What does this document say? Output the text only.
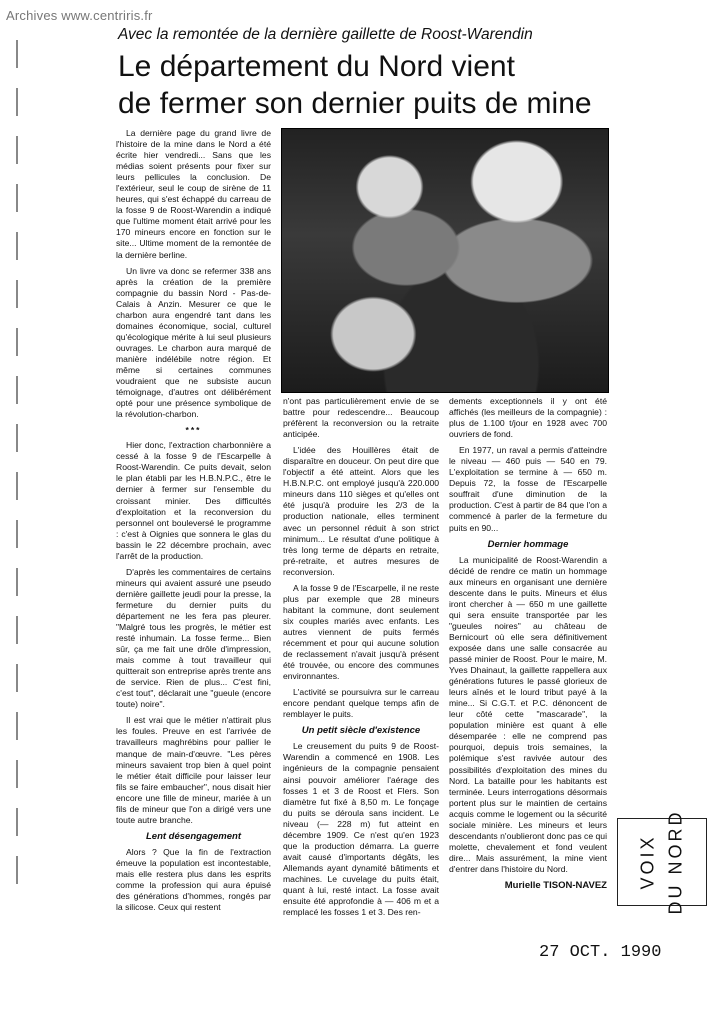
Archives www.centriris.fr
Avec la remontée de la dernière gaillette de Roost-Warendin
Le département du Nord vient
de fermer son dernier puits de mine

La dernière page du grand livre de l'histoire de la mine dans le Nord a été écrite hier vendredi... Sans que les médias soient présents pour fixer sur leurs pellicules la conclusion. De l'extérieur, seul le coup de sirène de 11 heures, qui s'est échappé du carreau de la fosse 9 de Roost-Warendin a indiqué que l'ultime moment était arrivé pour les 170 mineurs encore en fonction sur le site... Ultime moment de la remontée de la dernière berline.

Un livre va donc se refermer 338 ans après la création de la première compagnie du bassin Nord - Pas-de-Calais à Anzin. Mesurer ce que le charbon aura engendré tant dans les domaines économique, social, culturel qu'écologique mérite à lui seul plusieurs ouvrages. Le charbon aura marqué de manière indélébile notre région. Et même si certaines communes voudraient que ne subsiste aucun témoignage, d'autres ont délibérément opté pour une présence symbolique de la révolution-charbon.

***

Hier donc, l'extraction charbonnière a cessé à la fosse 9 de l'Escarpelle à Roost-Warendin. Ce puits devait, selon le plan établi par les H.B.N.P.C., être le dernier à fermer sur l'ensemble du croissant minier. Des difficultés d'exploitation et la reconversion du personnel ont bouleversé le programme : c'est à Oignies que sonnera le glas du bassin le 22 décembre prochain, avec l'arrêt de la production.

D'après les commentaires de certains mineurs qui avaient assuré une pseudo dernière gaillette jeudi pour la presse, la fermeture du dernier puits du département ne les fera pas pleurer. "Malgré tous les progrès, le métier est resté inhumain. La fosse ferme... Bien sûr, ça me fait une drôle d'impression, mais comme à tout travailleur qui quitterait son entreprise après trente ans de service. Rien de plus... C'est fini, c'est tout", déclarait une "gueule (encore toute) noire".

Il est vrai que le métier n'attirait plus les foules. Preuve en est l'arrivée de travailleurs maghrébins pour pallier le manque de main-d'œuvre. "Les pères mineurs savaient trop bien à quel point le métier était difficile pour laisser leur fils se faire embaucher", nous disait hier encore une fille de mineur, mariée à un fils de mineur que l'on a dirigé vers une toute autre branche.

Lent désengagement

Alors ? Que la fin de l'extraction émeuve la population est incontestable, mais elle restera plus dans les esprits comme la profession qui aura épuisé des générations d'hommes, rongés par la silicose. Ceux qui restent

n'ont pas particulièrement envie de se battre pour redescendre... Beaucoup préfèrent la reconversion ou la retraite anticipée.

L'idée des Houillères était de disparaître en douceur. On peut dire que l'objectif a été atteint. Alors que les H.B.N.P.C. ont employé jusqu'à 220.000 mineurs dans 110 sièges et qu'elles ont été jusqu'à produire les 2/3 de la production nationale, elles terminent avec un personnel réduit à son strict minimum... Le résultat d'une politique à très long terme de départs en retraite, pré-retraite, et autres mesures de reconversion.

A la fosse 9 de l'Escarpelle, il ne reste plus par exemple que 28 mineurs habitant la commune, dont seulement six couples mariés avec enfants. Les autres viennent de puits fermés récemment et pour qui aucune solution de reclassement n'avait jusqu'à présent été trouvée, ou encore des communes environnantes.

L'activité se poursuivra sur le carreau encore pendant quelque temps afin de remblayer le puits.

Un petit siècle d'existence

Le creusement du puits 9 de Roost-Warendin a commencé en 1908. Les ingénieurs de la compagnie pensaient ainsi pouvoir améliorer l'aérage des fosses 1 et 3 de Roost et Flers. Son diamètre fut fixé à 8,50 m. Le fonçage du puits se déroula sans incident. Le niveau (— 228 m) fut atteint en décembre 1909. Ce n'est qu'en 1923 que la production démarra. La guerre avait causé d'importants dégâts, les Allemands ayant dynamité bâtiments et machines. Le cuvelage du puits était, quant à lui, resté intact. La fosse avait ensuite été approfondie à — 406 m et a remplacé les fosses 1 et 3. Des ren-

dements exceptionnels il y ont été affichés (les meilleurs de la compagnie) : plus de 1.100 t/jour en 1928 avec 700 ouvriers de fond.

En 1977, un raval a permis d'atteindre le niveau — 460 puis — 540 en 79. L'exploitation se termine à — 650 m. Depuis 72, la fosse de l'Escarpelle souffrait d'une diminution de la production. C'est à partir de 84 que l'on a commencé à parler de la fermeture du puits en 90...

Dernier hommage

La municipalité de Roost-Warendin a décidé de rendre ce matin un hommage aux mineurs en organisant une dernière descente dans le puits. Mineurs et élus iront chercher à — 650 m une gaillette qui sera ensuite transportée par les "gueules noires" au château de Bernicourt où elle sera définitivement exposée dans une salle consacrée au passé minier de Roost. Pour le maire, M. Yves Dhainaut, la gaillette rappellera aux générations futures le passé glorieux de leurs aînés et le lourd tribut payé à la mine... Si C.G.T. et P.C. dénoncent de leur côté cette "mascarade", la population minière est quant à elle désemparée : elle ne comprend pas pourquoi, depuis trois semaines, la polémique s'est ravivée autour des possibilités d'exploitation des mines du Nord. La bataille pour les habitants est terminée. Leurs interrogations désormais portent plus sur le maintien de certains acquis comme le logement ou la sécurité sociale minière. Les mineurs et leurs descendants n'oublieront donc pas ce qui molette, chevalement et fond veulent dire... Mais assurément, la mine vient d'entrer dans l'histoire du Nord.

Murielle TISON-NAVEZ VOIX DU NORD
27 OCT. 1990
